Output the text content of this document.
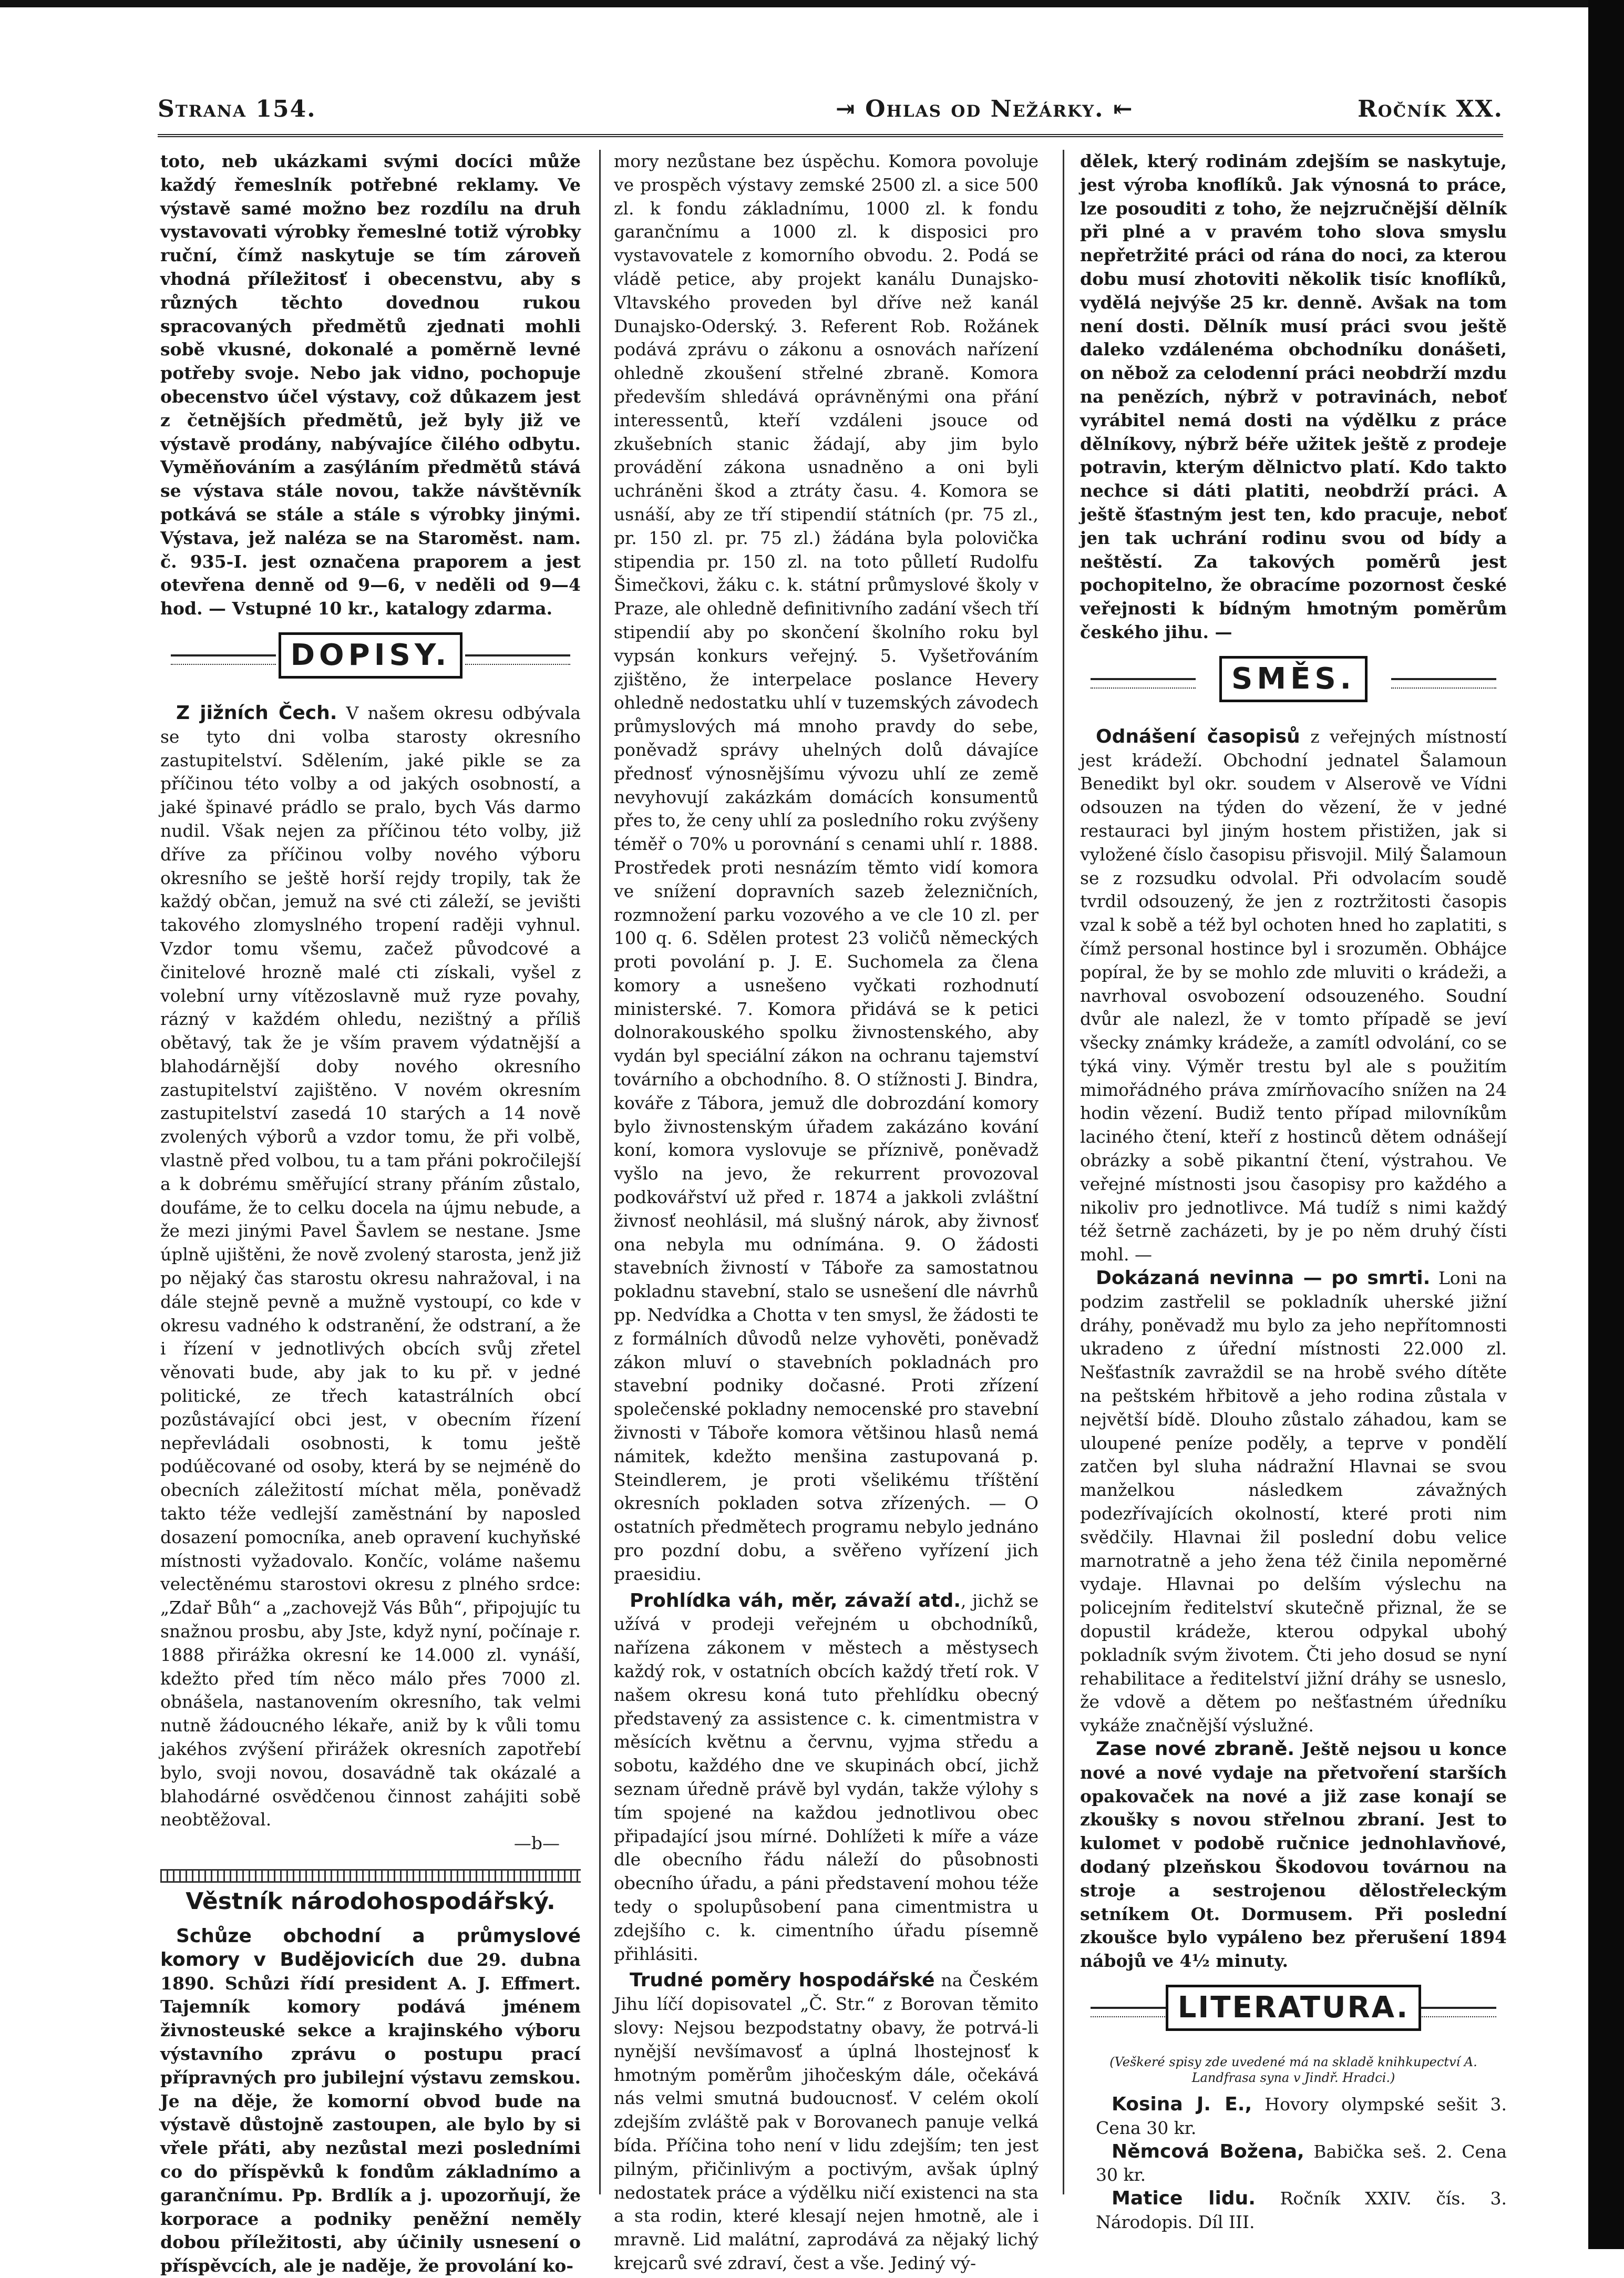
Strana 154.	⇥ Ohlas od Nežárky. ⇤	Ročník XX.

toto, neb ukázkami svými docíci může každý řemeslník potřebné reklamy. Ve výstavě samé možno bez rozdílu na druh vystavovati výrobky řemeslné totiž výrobky ruční, čímž naskytuje se tím zároveň vhodná příležitosť i obecenstvu, aby s různých těchto dovednou rukou spracovaných předmětů zjednati mohli sobě vkusné, dokonalé a poměrně levné potřeby svoje. Nebo jak vidno, pochopuje obecenstvo účel výstavy, což důkazem jest z četnějších předmětů, jež byly již ve výstavě prodány, nabývajíce čilého odbytu. Vyměňováním a zasýláním předmětů stává se výstava stále novou, takže návštěvník potkává se stále a stále s výrobky jinými. Výstava, jež naléza se na Staroměst. nam. č. 935-I. jest označena praporem a jest otevřena denně od 9—6, v neděli od 9—4 hod. — Vstupné 10 kr., katalogy zdarma.

DOPISY.

Z jižních Čech. V našem okresu odbývala se tyto dni volba starosty okresního zastupitelství. Sdělením, jaké pikle se za příčinou této volby a od jakých osobností, a jaké špinavé prádlo se pralo, bych Vás darmo nudil. Však nejen za příčinou této volby, již dříve za příčinou volby nového výboru okresního se ještě horší rejdy tropily, tak že každý občan, jemuž na své cti záleží, se jevišti takového zlomyslného tropení raději vyhnul. Vzdor tomu všemu, začež původcové a činitelové hrozně malé cti získali, vyšel z volební urny vítězoslavně muž ryze povahy, rázný v každém ohledu, nezištný a příliš obětavý, tak že je vším pravem výdatnější a blahodárnější doby nového okresního zastupitelství zajištěno. V novém okresním zastupitelství zasedá 10 starých a 14 nově zvolených výborů a vzdor tomu, že při volbě, vlastně před volbou, tu a tam přáni pokročilejší a k dobrému směřující strany přáním zůstalo, doufáme, že to celku docela na újmu nebude, a že mezi jinými Pavel Šavlem se nestane. Jsme úplně ujištěni, že nově zvolený starosta, jenž již po nějaký čas starostu okresu nahražoval, i na dále stejně pevně a mužně vystoupí, co kde v okresu vadného k odstranění, že odstraní, a že i řízení v jednotlivých obcích svůj zřetel věnovati bude, aby jak to ku př. v jedné politické, ze třech katastrálních obcí pozůstávající obci jest, v obecním řízení nepřevládali osobnosti, k tomu ještě podúěcované od osoby, která by se nejméně do obecních záležitostí míchat měla, poněvadž takto téže vedlejší zaměstnání by naposled dosazení pomocníka, aneb opravení kuchyňské místnosti vyžadovalo. Končíc, voláme našemu velectěnému starostovi okresu z plného srdce: „Zdař Bůh“ a „zachovejž Vás Bůh“, připojujíc tu snažnou prosbu, aby Jste, když nyní, počínaje r. 1888 přirážka okresní ke 14.000 zl. vynáší, kdežto před tím něco málo přes 7000 zl. obnášela, nastanovením okresního, tak velmi nutně žádoucného lékaře, aniž by k vůli tomu jakéhos zvýšení přirážek okresních zapotřebí bylo, svoji novou, dosavádně tak okázalé a blahodárné osvědčenou činnost zahájiti sobě neobtěžoval.

—b—

Věstník národohospodářský.

Schůze obchodní a průmyslové komory v Budějovicích due 29. dubna 1890. Schůzi řídí president A. J. Effmert. Tajemník komory podává jménem živnosteuské sekce a krajinského výboru výstavního zprávu o postupu prací přípravných pro jubilejní výstavu zemskou. Je na děje, že komorní obvod bude na výstavě důstojně zastoupen, ale bylo by si vřele přáti, aby nezůstal mezi posledními co do příspěvků k fondům základnímo a garančnímu. Pp. Brdlík a j. upozorňují, že korporace a podniky peněžní neměly dobou příležitosti, aby účinily usnesení o příspěvcích, ale je naděje, že provolání ko-

mory nezůstane bez úspěchu. Komora povoluje ve prospěch výstavy zemské 2500 zl. a sice 500 zl. k fondu základnímu, 1000 zl. k fondu garančnímu a 1000 zl. k disposici pro vystavovatele z komorního obvodu. 2. Podá se vládě petice, aby projekt kanálu Dunajsko-Vltavského proveden byl dříve než kanál Dunajsko-Oderský. 3. Referent Rob. Rožánek podává zprávu o zákonu a osnovách nařízení ohledně zkoušení střelné zbraně. Komora především shledává oprávněnými ona přání interessentů, kteří vzdáleni jsouce od zkušebních stanic žádají, aby jim bylo provádění zákona usnadněno a oni byli uchráněni škod a ztráty času. 4. Komora se usnáší, aby ze tří stipendií státních (pr. 75 zl., pr. 150 zl. pr. 75 zl.) žádána byla polovička stipendia pr. 150 zl. na toto půlletí Rudolfu Šimečkovi, žáku c. k. státní průmyslové školy v Praze, ale ohledně definitivního zadání všech tří stipendií aby po skončení školního roku byl vypsán konkurs veřejný. 5. Vyšetřováním zjištěno, že interpelace poslance Hevery ohledně nedostatku uhlí v tuzemských závodech průmyslových má mnoho pravdy do sebe, poněvadž správy uhelných dolů dávajíce přednosť výnosnějšímu vývozu uhlí ze země nevyhovují zakázkám domácích konsumentů přes to, že ceny uhlí za posledního roku zvýšeny téměř o 70% u porovnání s cenami uhlí r. 1888. Prostředek proti nesnázím těmto vidí komora ve snížení dopravních sazeb železničních, rozmnožení parku vozového a ve cle 10 zl. per 100 q. 6. Sdělen protest 23 voličů německých proti povolání p. J. E. Suchomela za člena komory a usnešeno vyčkati rozhodnutí ministerské. 7. Komora přidává se k petici dolnorakouského spolku živnostenského, aby vydán byl speciální zákon na ochranu tajemství továrního a obchodního. 8. O stížnosti J. Bindra, kováře z Tábora, jemuž dle dobrozdání komory bylo živnostenským úřadem zakázáno kování koní, komora vyslovuje se příznivě, poněvadž vyšlo na jevo, že rekurrent provozoval podkovářství už před r. 1874 a jakkoli zvláštní živnosť neohlásil, má slušný nárok, aby živnosť ona nebyla mu odnímána. 9. O žádosti stavebních živností v Táboře za samostatnou pokladnu stavební, stalo se usnešení dle návrhů pp. Nedvídka a Chotta v ten smysl, že žádosti te z formálních důvodů nelze vyhověti, poněvadž zákon mluví o stavebních pokladnách pro stavební podniky dočasné. Proti zřízení společenské pokladny nemocenské pro stavební živnosti v Táboře komora většinou hlasů nemá námitek, kdežto menšina zastupovaná p. Steindlerem, je proti všelikému tříštění okresních pokladen sotva zřízených. — O ostatních předmětech programu nebylo jednáno pro pozdní dobu, a svěřeno vyřízení jich praesidiu.

Prohlídka váh, měr, závaží atd., jichž se užívá v prodeji veřejném u obchodníků, nařízena zákonem v městech a městysech každý rok, v ostatních obcích každý třetí rok. V našem okresu koná tuto přehlídku obecný představený za assistence c. k. cimentmistra v měsících květnu a červnu, vyjma středu a sobotu, každého dne ve skupinách obcí, jichž seznam úředně právě byl vydán, takže výlohy s tím spojené na každou jednotlivou obec připadající jsou mírné. Dohlížeti k míře a váze dle obecního řádu náleží do působnosti obecního úřadu, a páni představení mohou téže tedy o spolupůsobení pana cimentmistra u zdejšího c. k. cimentního úřadu písemně přihlásiti.

Trudné poměry hospodářské na Českém Jihu líčí dopisovatel „Č. Str.“ z Borovan těmito slovy: Nejsou bezpodstatny obavy, že potrvá-li nynější nevšímavosť a úplná lhostejnosť k hmotným poměrům jihočeským dále, očekává nás velmi smutná budoucnosť. V celém okolí zdejším zvláště pak v Borovanech panuje velká bída. Příčina toho není v lidu zdejším; ten jest pilným, přičinlivým a poctivým, avšak úplný nedostatek práce a výdělku ničí existenci na sta a sta rodin, které klesají nejen hmotně, ale i mravně. Lid malátní, zaprodává za nějaký lichý krejcarů své zdraví, čest a vše. Jediný vý-

dělek, který rodinám zdejším se naskytuje, jest výroba knoflíků. Jak výnosná to práce, lze posouditi z toho, že nejzručnější dělník při plné a v pravém toho slova smyslu nepřetržité práci od rána do noci, za kterou dobu musí zhotoviti několik tisíc knoflíků, vydělá nejvýše 25 kr. denně. Avšak na tom není dosti. Dělník musí práci svou ještě daleko vzdálenéma obchodníku donášeti, on něbož za celodenní práci neobdrží mzdu na penězích, nýbrž v potravinách, neboť vyrábitel nemá dosti na výdělku z práce dělníkovy, nýbrž béře užitek ještě z prodeje potravin, kterým dělnictvo platí. Kdo takto nechce si dáti platiti, neobdrží práci. A ještě šťastným jest ten, kdo pracuje, neboť jen tak uchrání rodinu svou od bídy a neštěstí. Za takových poměrů jest pochopitelno, že obracíme pozornost české veřejnosti k bídným hmotným poměrům českého jihu. —

SMĚS.

Odnášení časopisů z veřejných místností jest krádeží. Obchodní jednatel Šalamoun Benedikt byl okr. soudem v Alserově ve Vídni odsouzen na týden do vězení, že v jedné restauraci byl jiným hostem přistižen, jak si vyložené číslo časopisu přisvojil. Milý Šalamoun se z rozsudku odvolal. Při odvolacím soudě tvrdil odsouzený, že jen z roztržitosti časopis vzal k sobě a též byl ochoten hned ho zaplatiti, s čímž personal hostince byl i srozuměn. Obhájce popíral, že by se mohlo zde mluviti o krádeži, a navrhoval osvobození odsouzeného. Soudní dvůr ale nalezl, že v tomto případě se jeví všecky známky krádeže, a zamítl odvolání, co se týká viny. Výměr trestu byl ale s použitím mimořádného práva zmírňovacího snížen na 24 hodin vězení. Budiž tento případ milovníkům laciného čtení, kteří z hostinců dětem odnášejí obrázky a sobě pikantní čtení, výstrahou. Ve veřejné místnosti jsou časopisy pro každého a nikoliv pro jednotlivce. Má tudíž s nimi každý též šetrně zacházeti, by je po něm druhý čísti mohl. —

Dokázaná nevinna — po smrti. Loni na podzim zastřelil se pokladník uherské jižní dráhy, poněvadž mu bylo za jeho nepřítomnosti ukradeno z úřední místnosti 22.000 zl. Nešťastník zavraždil se na hrobě svého dítěte na peštském hřbitově a jeho rodina zůstala v největší bídě. Dlouho zůstalo záhadou, kam se uloupené peníze poděly, a teprve v pondělí zatčen byl sluha nádražní Hlavnai se svou manželkou následkem závažných podezřívajících okolností, které proti nim svědčily. Hlavnai žil poslední dobu velice marnotratně a jeho žena též činila nepoměrné vydaje. Hlavnai po delším výslechu na policejním ředitelství skutečně přiznal, že se dopustil krádeže, kterou odpykal ubohý pokladník svým životem. Čti jeho dosud se nyní rehabilitace a ředitelství jižní dráhy se usneslo, že vdově a dětem po nešťastném úředníku vykáže značnější výslužné.

Zase nové zbraně. Ještě nejsou u konce nové a nové vydaje na přetvoření starších opakovaček na nové a již zase konají se zkoušky s novou střelnou zbraní. Jest to kulomet v podobě ručnice jednohlavňové, dodaný plzeňskou Škodovou továrnou na stroje a sestrojenou dělostřeleckým setníkem Ot. Dormusem. Při poslední zkoušce bylo vypáleno bez přerušení 1894 nábojů ve 4½ minuty.

LITERATURA.
(Veškeré spisy zde uvedené má na skladě knihkupectví A. Landfrasa syna v Jindř. Hradci.)

Kosina J. E., Hovory olympské sešit 3. Cena 30 kr.

Němcová Božena, Babička seš. 2. Cena 30 kr.

Matice lidu. Ročník XXIV. čís. 3. Národopis. Díl III.
